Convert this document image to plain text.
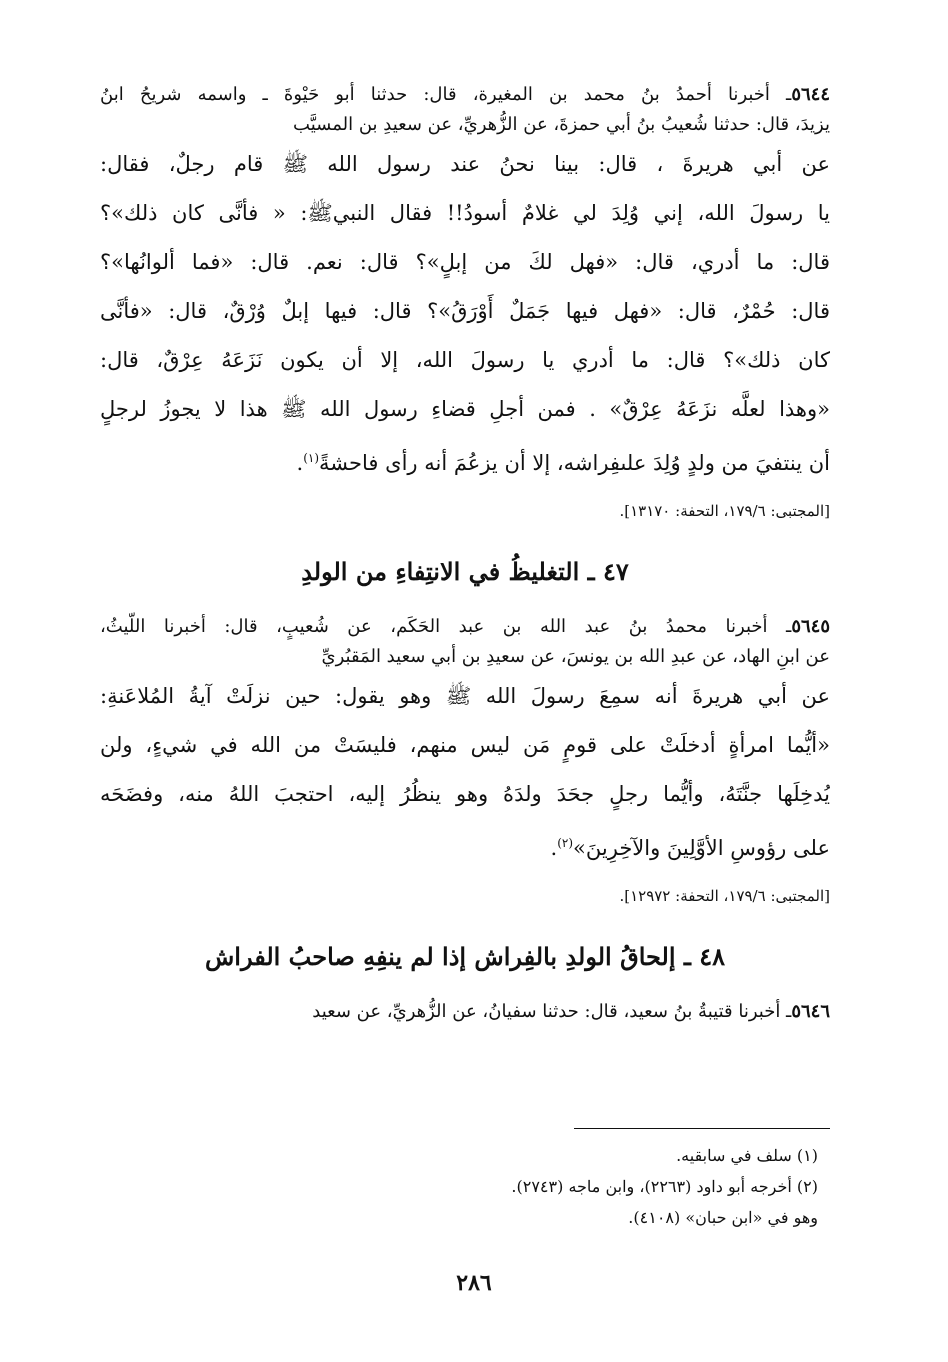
٥٦٤٤ـ أخبرنا أحمدُ بنُ محمد بن المغيرة، قال: حدثنا أبو حَيْوةَ ـ واسمه شريحُ ابنُ
يزيدَ، قال: حدثنا شُعيبُ بنُ أبي حمزةَ، عن الزُّهريِّ، عن سعيدِ بن المسيَّب
عن أبي هريرةَ ، قال: بينا نحنُ عند رسول الله ﷺ قام رجلٌ، فقال:
يا رسولَ الله، إني وُلِدَ لي غلامٌ أسودُ!! فقال النبيﷺ: « فأنَّى كان ذلك»؟
قال: ما أدري، قال: «فهل لكَ من إبلٍ»؟ قال: نعم. قال: «فما ألوانُها»؟
قال: حُمْرٌ، قال: «فهل فيها جَمَلٌ أَوْرَقُ»؟ قال: فيها إبلٌ وُرْقٌ، قال: «فأنَّى
كان ذلك»؟ قال: ما أدري يا رسولَ الله، إلا أن يكون نَزَعَهُ عِرْقٌ، قال:
«وهذا لعلَّه نزَعَهُ عِرْقٌ» . فمن أجلِ قضاءِ رسول الله ﷺ هذا لا يجوزُ لرجلٍ
أن ينتفيَ من ولدٍ وُلِدَ علىفِراشه، إلا أن يزعُمَ أنه رأى فاحشةً$^{(١)}$.
[المجتبى: ١٧٩/٦، التحفة: ١٣١٧٠].
٤٧ ـ التغليظُ في الانتِفاءِ من الولدِ
٥٦٤٥ـ أخبرنا محمدُ بنُ عبد الله بن عبد الحَكَم، عن شُعيبٍ، قال: أخبرنا اللَّيثُ،
عن ابنِ الهاد، عن عبدِ الله بن يونسَ، عن سعيدِ بن أبي سعيد المَقبُريِّ
عن أبي هريرةَ أنه سمِعَ رسولَ الله ﷺ وهو يقول: حين نزلَتْ آيةُ المُلاعَنةِ:
«أيُّما امرأةٍ أدخلَتْ على قومٍ مَن ليس منهم، فليسَتْ من الله في شيءٍ، ولن
يُدخِلَها جنَّتَهُ، وأيُّما رجلٍ جحَدَ ولدَهُ وهو ينظُرُ إليه، احتجبَ اللهُ منه، وفضَحَه
على رؤوسِ الأوَّلِينَ والآخِرِينَ»$^{(٢)}$.
[المجتبى: ١٧٩/٦، التحفة: ١٢٩٧٢].
٤٨ ـ إلحاقُ الولدِ بالفِراش إذا لم ينفِهِ صاحبُ الفراش
٥٦٤٦ـ أخبرنا قتيبةُ بنُ سعيد، قال: حدثنا سفيانُ، عن الزُّهريِّ، عن سعيد
(١) سلف في سابقيه.
(٢) أخرجه أبو داود (٢٢٦٣)، وابن ماجه (٢٧٤٣).
وهو في «ابن حبان» (٤١٠٨).
٢٨٦
